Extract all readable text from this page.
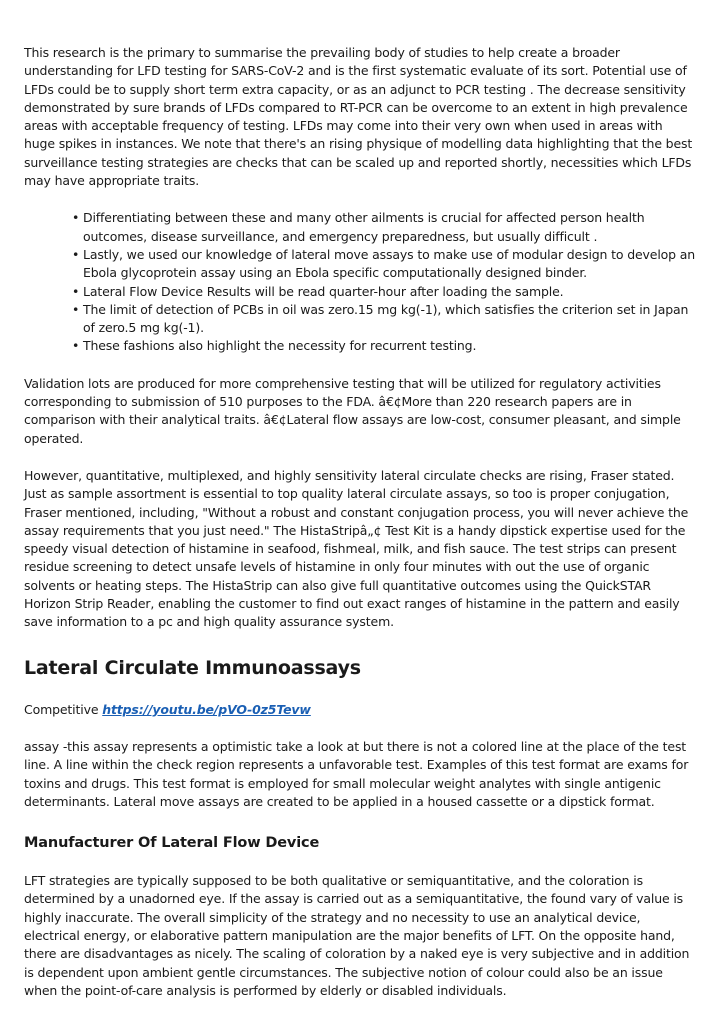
This research is the primary to summarise the prevailing body of studies to help create a broader understanding for LFD testing for SARS-CoV-2 and is the first systematic evaluate of its sort. Potential use of LFDs could be to supply short term extra capacity, or as an adjunct to PCR testing . The decrease sensitivity demonstrated by sure brands of LFDs compared to RT-PCR can be overcome to an extent in high prevalence areas with acceptable frequency of testing. LFDs may come into their very own when used in areas with huge spikes in instances. We note that there's an rising physique of modelling data highlighting that the best surveillance testing strategies are checks that can be scaled up and reported shortly, necessities which LFDs may have appropriate traits.

• Differentiating between these and many other ailments is crucial for affected person health outcomes, disease surveillance, and emergency preparedness, but usually difficult .
• Lastly, we used our knowledge of lateral move assays to make use of modular design to develop an Ebola glycoprotein assay using an Ebola specific computationally designed binder.
• Lateral Flow Device Results will be read quarter-hour after loading the sample.
• The limit of detection of PCBs in oil was zero.15 mg kg(-1), which satisfies the criterion set in Japan of zero.5 mg kg(-1).
• These fashions also highlight the necessity for recurrent testing.

Validation lots are produced for more comprehensive testing that will be utilized for regulatory activities corresponding to submission of 510 purposes to the FDA. â€¢More than 220 research papers are in comparison with their analytical traits. â€¢Lateral flow assays are low-cost, consumer pleasant, and simple operated.

However, quantitative, multiplexed, and highly sensitivity lateral circulate checks are rising, Fraser stated. Just as sample assortment is essential to top quality lateral circulate assays, so too is proper conjugation, Fraser mentioned, including, "Without a robust and constant conjugation process, you will never achieve the assay requirements that you just need." The HistaStripâ„¢ Test Kit is a handy dipstick expertise used for the speedy visual detection of histamine in seafood, fishmeal, milk, and fish sauce. The test strips can present residue screening to detect unsafe levels of histamine in only four minutes with out the use of organic solvents or heating steps. The HistaStrip can also give full quantitative outcomes using the QuickSTAR Horizon Strip Reader, enabling the customer to find out exact ranges of histamine in the pattern and easily save information to a pc and high quality assurance system.

Lateral Circulate Immunoassays

Competitive https://youtu.be/pVO-0z5Tevw

assay -this assay represents a optimistic take a look at but there is not a colored line at the place of the test line. A line within the check region represents a unfavorable test. Examples of this test format are exams for toxins and drugs. This test format is employed for small molecular weight analytes with single antigenic determinants. Lateral move assays are created to be applied in a housed cassette or a dipstick format.

Manufacturer Of Lateral Flow Device

LFT strategies are typically supposed to be both qualitative or semiquantitative, and the coloration is determined by a unadorned eye. If the assay is carried out as a semiquantitative, the found vary of value is highly inaccurate. The overall simplicity of the strategy and no necessity to use an analytical device, electrical energy, or elaborative pattern manipulation are the major benefits of LFT. On the opposite hand, there are disadvantages as nicely. The scaling of coloration by a naked eye is very subjective and in addition is dependent upon ambient gentle circumstances. The subjective notion of colour could also be an issue when the point-of-care analysis is performed by elderly or disabled individuals.
